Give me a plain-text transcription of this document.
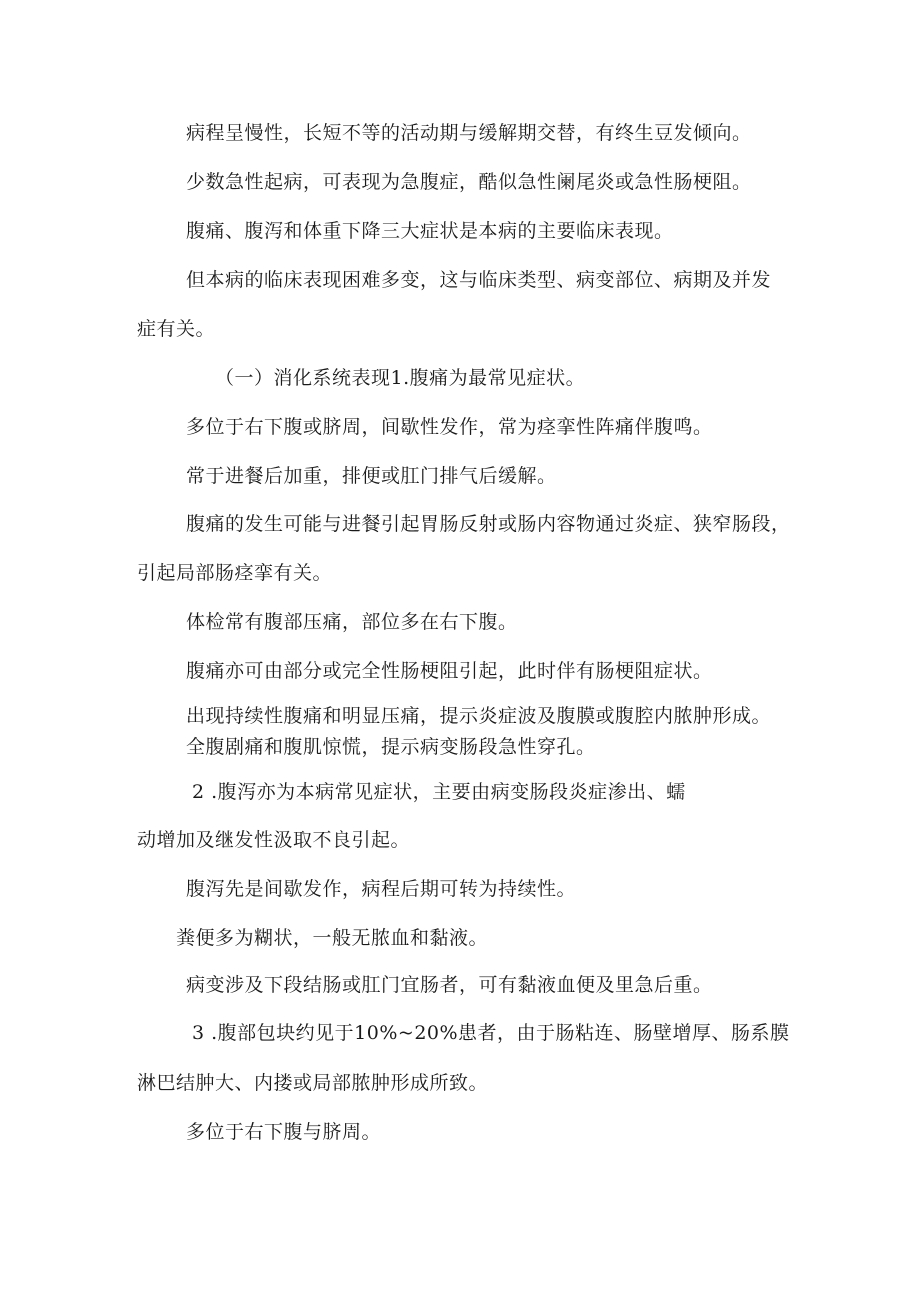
病程呈慢性，长短不等的活动期与缓解期交替，有终生豆发倾向。
少数急性起病，可表现为急腹症，酷似急性阑尾炎或急性肠梗阻。
腹痛、腹泻和体重下降三大症状是本病的主要临床表现。
但本病的临床表现困难多变，这与临床类型、病变部位、病期及并发
症有关。
（一）消化系统表现1.腹痛为最常见症状。
多位于右下腹或脐周，间歇性发作，常为痉挛性阵痛伴腹鸣。
常于进餐后加重，排便或肛门排气后缓解。
腹痛的发生可能与进餐引起胃肠反射或肠内容物通过炎症、狭窄肠段，
引起局部肠痉挛有关。
体检常有腹部压痛，部位多在右下腹。
腹痛亦可由部分或完全性肠梗阻引起，此时伴有肠梗阻症状。
出现持续性腹痛和明显压痛，提示炎症波及腹膜或腹腔内脓肿形成。
全腹剧痛和腹肌惊慌，提示病变肠段急性穿孔。
2 .腹泻亦为本病常见症状，主要由病变肠段炎症渗出、蠕
动增加及继发性汲取不良引起。
腹泻先是间歇发作，病程后期可转为持续性。
粪便多为糊状，一般无脓血和黏液。
病变涉及下段结肠或肛门宜肠者，可有黏液血便及里急后重。
3 .腹部包块约见于10%~20%患者，由于肠粘连、肠壁增厚、肠系膜
淋巴结肿大、内搂或局部脓肿形成所致。
多位于右下腹与脐周。
